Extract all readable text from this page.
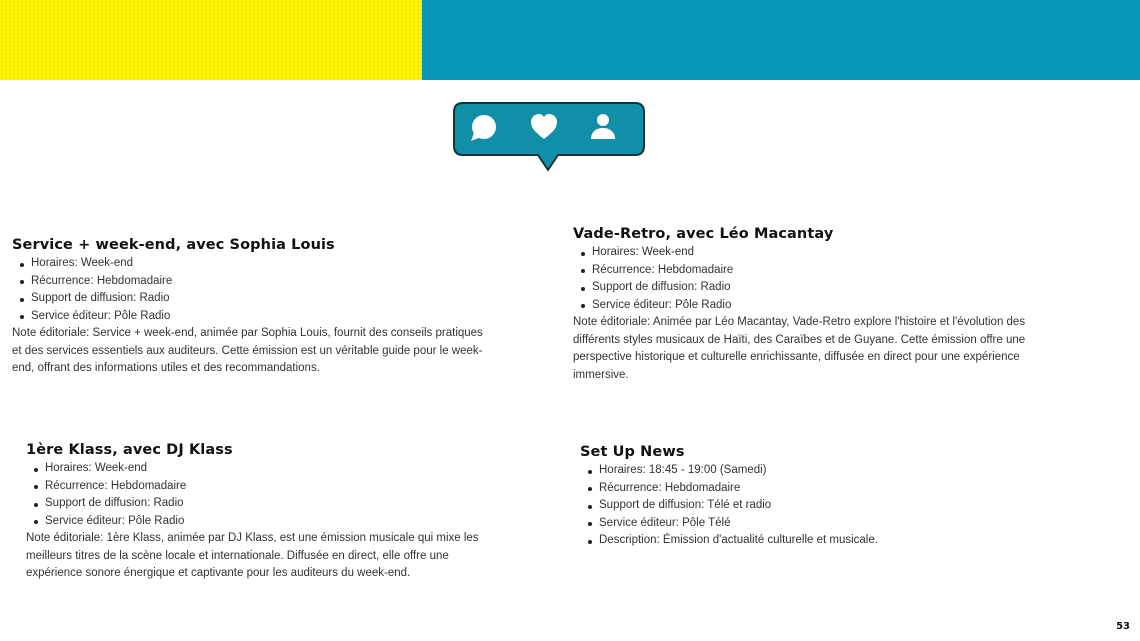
Service + week-end, avec Sophia Louis
Horaires: Week-end
Récurrence: Hebdomadaire
Support de diffusion: Radio
Service éditeur: Pôle Radio

Note éditoriale: Service + week-end, animée par Sophia Louis, fournit des conseils pratiques et des services essentiels aux auditeurs. Cette émission est un véritable guide pour le week-end, offrant des informations utiles et des recommandations.

Vade-Retro, avec Léo Macantay
Horaires: Week-end
Récurrence: Hebdomadaire
Support de diffusion: Radio
Service éditeur: Pôle Radio

Note éditoriale: Animée par Léo Macantay, Vade-Retro explore l'histoire et l'évolution des différents styles musicaux de Haïti, des Caraïbes et de Guyane. Cette émission offre une perspective historique et culturelle enrichissante, diffusée en direct pour une expérience immersive.

1ère Klass, avec DJ Klass
Horaires: Week-end
Récurrence: Hebdomadaire
Support de diffusion: Radio
Service éditeur: Pôle Radio

Note éditoriale: 1ère Klass, animée par DJ Klass, est une émission musicale qui mixe les meilleurs titres de la scène locale et internationale. Diffusée en direct, elle offre une expérience sonore énergique et captivante pour les auditeurs du week-end.

Set Up News
Horaires: 18:45 - 19:00 (Samedi)
Récurrence: Hebdomadaire
Support de diffusion: Télé et radio
Service éditeur: Pôle Télé
Description: Émission d'actualité culturelle et musicale.
53
